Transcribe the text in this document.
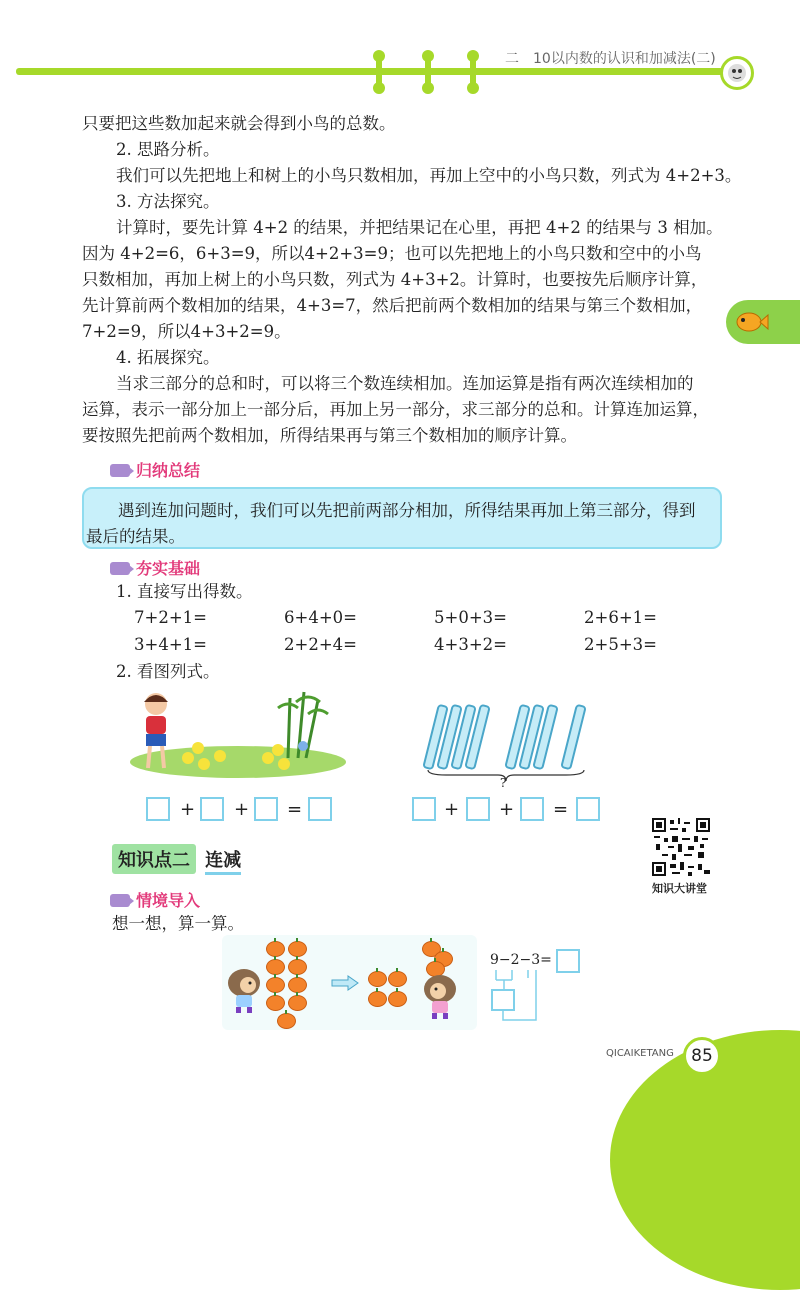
二　10以内数的认识和加减法(二)
只要把这些数加起来就会得到小鸟的总数。
2. 思路分析。
我们可以先把地上和树上的小鸟只数相加，再加上空中的小鸟只数，列式为 4+2+3。
3. 方法探究。
计算时，要先计算 4+2 的结果，并把结果记在心里，再把 4+2 的结果与 3 相加。
因为 4+2=6，6+3=9，所以4+2+3=9；也可以先把地上的小鸟只数和空中的小鸟
只数相加，再加上树上的小鸟只数，列式为 4+3+2。计算时，也要按先后顺序计算，
先计算前两个数相加的结果，4+3=7，然后把前两个数相加的结果与第三个数相加，
7+2=9，所以4+3+2=9。
4. 拓展探究。
当求三部分的总和时，可以将三个数连续相加。连加运算是指有两次连续相加的
运算，表示一部分加上一部分后，再加上另一部分，求三部分的总和。计算连加运算，
要按照先把前两个数相加，所得结果再与第三个数相加的顺序计算。
归纳总结
遇到连加问题时，我们可以先把前两部分相加，所得结果再加上第三部分，得到
最后的结果。
夯实基础
1. 直接写出得数。
7+2+1=	6+4+0=	5+0+3=	2+6+1=
3+4+1=	2+2+4=	4+3+2=	2+5+3=
2. 看图列式。
?
+ + =	+ + =
知识大讲堂
知识点二 连减
情境导入
想一想，算一算。
9−2−3=
QICAIKETANG	85
